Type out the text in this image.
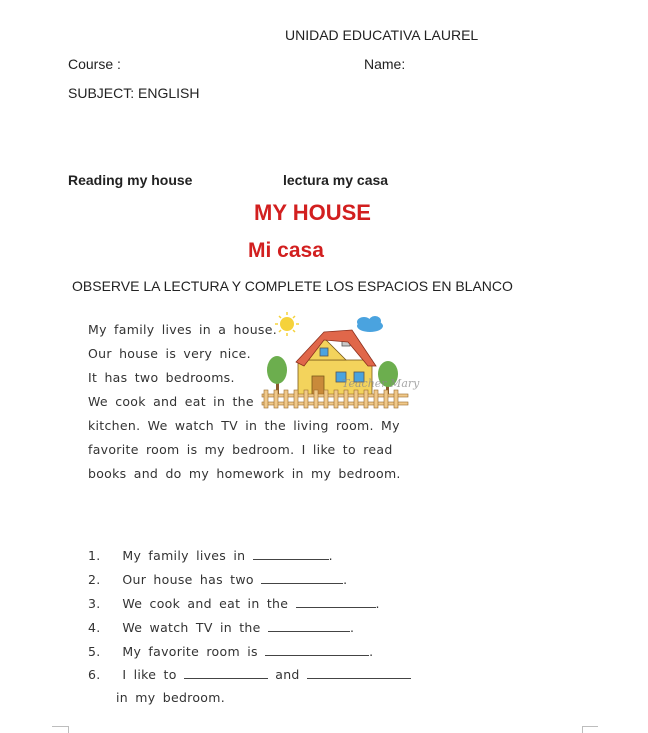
UNIDAD EDUCATIVA LAUREL
Course :	Name:
SUBJECT: ENGLISH
Reading my house	lectura my casa
MY HOUSE
Mi casa
OBSERVE LA LECTURA Y COMPLETE LOS ESPACIOS EN BLANCO
My family lives in a house.
Our house is very nice.
It has two bedrooms.
We cook and eat in the
kitchen. We watch TV in the living room. My
favorite room is my bedroom. I like to read
books and do my homework in my bedroom.
Teacher Mary
1. My family lives in	.
2. Our house has two	.
3. We cook and eat in the	.
4. We watch TV in the	.
5. My favorite room is	.
6. I like to	and
in my bedroom.
